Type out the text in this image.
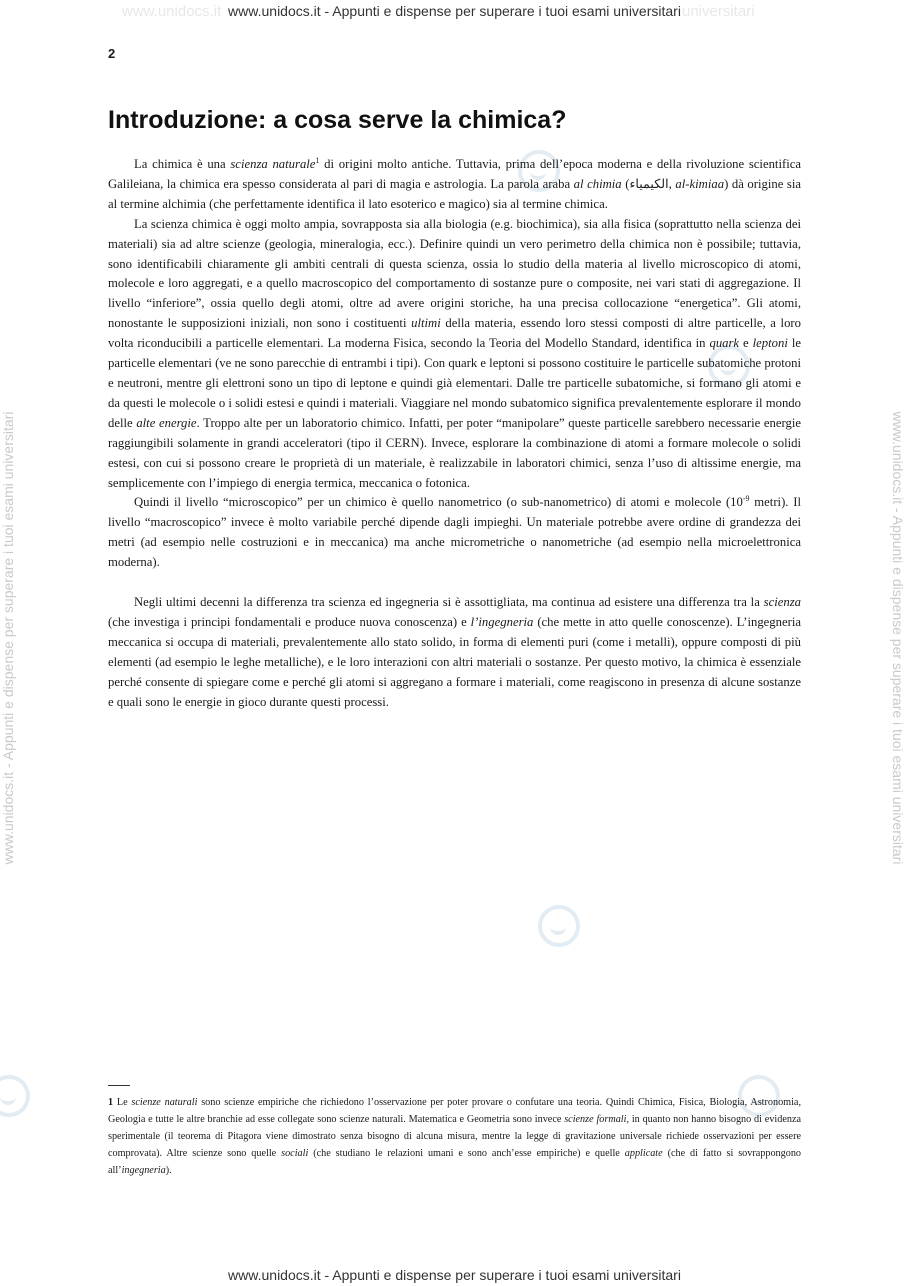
www.unidocs.it	universitari
www.unidocs.it - Appunti e dispense per superare i tuoi esami universitari
www.unidocs.it - Appunti e dispense per superare i tuoi esami universitari
www.unidocs.it - Appunti e dispense per superare i tuoi esami universitari	www.unidocs.it - Appunti e dispense per superare i tuoi esami universitari
2
Introduzione: a cosa serve la chimica?

La chimica è una scienza naturale$^1$ di origini molto antiche. Tuttavia, prima dell’epoca moderna e della rivoluzione scientifica Galileiana, la chimica era spesso considerata al pari di magia e astrologia. La parola araba al chimia (الكيمياء, al-kimiaa) dà origine sia al termine alchimia (che perfettamente identifica il lato esoterico e magico) sia al termine chimica.

La scienza chimica è oggi molto ampia, sovrapposta sia alla biologia (e.g. biochimica), sia alla fisica (soprattutto nella scienza dei materiali) sia ad altre scienze (geologia, mineralogia, ecc.). Definire quindi un vero perimetro della chimica non è possibile; tuttavia, sono identificabili chiaramente gli ambiti centrali di questa scienza, ossia lo studio della materia al livello microscopico di atomi, molecole e loro aggregati, e a quello macroscopico del comportamento di sostanze pure o composite, nei vari stati di aggregazione. Il livello “inferiore”, ossia quello degli atomi, oltre ad avere origini storiche, ha una precisa collocazione “energetica”. Gli atomi, nonostante le supposizioni iniziali, non sono i costituenti ultimi della materia, essendo loro stessi composti di altre particelle, a loro volta riconducibili a particelle elementari. La moderna Fisica, secondo la Teoria del Modello Standard, identifica in quark e leptoni le particelle elementari (ve ne sono parecchie di entrambi i tipi). Con quark e leptoni si possono costituire le particelle subatomiche protoni e neutroni, mentre gli elettroni sono un tipo di leptone e quindi già elementari. Dalle tre particelle subatomiche, si formano gli atomi e da questi le molecole o i solidi estesi e quindi i materiali. Viaggiare nel mondo subatomico significa prevalentemente esplorare il mondo delle alte energie. Troppo alte per un laboratorio chimico. Infatti, per poter “manipolare” queste particelle sarebbero necessarie energie raggiungibili solamente in grandi acceleratori (tipo il CERN). Invece, esplorare la combinazione di atomi a formare molecole o solidi estesi, con cui si possono creare le proprietà di un materiale, è realizzabile in laboratori chimici, senza l’uso di altissime energie, ma semplicemente con l’impiego di energia termica, meccanica o fotonica.

Quindi il livello “microscopico” per un chimico è quello nanometrico (o sub-nanometrico) di atomi e molecole ($10^{-9}$ metri). Il livello “macroscopico” invece è molto variabile perché dipende dagli impieghi. Un materiale potrebbe avere ordine di grandezza dei metri (ad esempio nelle costruzioni e in meccanica) ma anche micrometriche o nanometriche (ad esempio nella microelettronica moderna).

Negli ultimi decenni la differenza tra scienza ed ingegneria si è assottigliata, ma continua ad esistere una differenza tra la scienza (che investiga i principi fondamentali e produce nuova conoscenza) e l’ingegneria (che mette in atto quelle conoscenze). L’ingegneria meccanica si occupa di materiali, prevalentemente allo stato solido, in forma di elementi puri (come i metalli), oppure composti di più elementi (ad esempio le leghe metalliche), e le loro interazioni con altri materiali o sostanze. Per questo motivo, la chimica è essenziale perché consente di spiegare come e perché gli atomi si aggregano a formare i materiali, come reagiscono in presenza di alcune sostanze e quali sono le energie in gioco durante questi processi.

1 Le scienze naturali sono scienze empiriche che richiedono l’osservazione per poter provare o confutare una teoria. Quindi Chimica, Fisica, Biologia, Astronomia, Geologia e tutte le altre branchie ad esse collegate sono scienze naturali. Matematica e Geometria sono invece scienze formali, in quanto non hanno bisogno di evidenza sperimentale (il teorema di Pitagora viene dimostrato senza bisogno di alcuna misura, mentre la legge di gravitazione universale richiede osservazioni per essere comprovata). Altre scienze sono quelle sociali (che studiano le relazioni umani e sono anch’esse empiriche) e quelle applicate (che di fatto si sovrappongono all’ingegneria).
